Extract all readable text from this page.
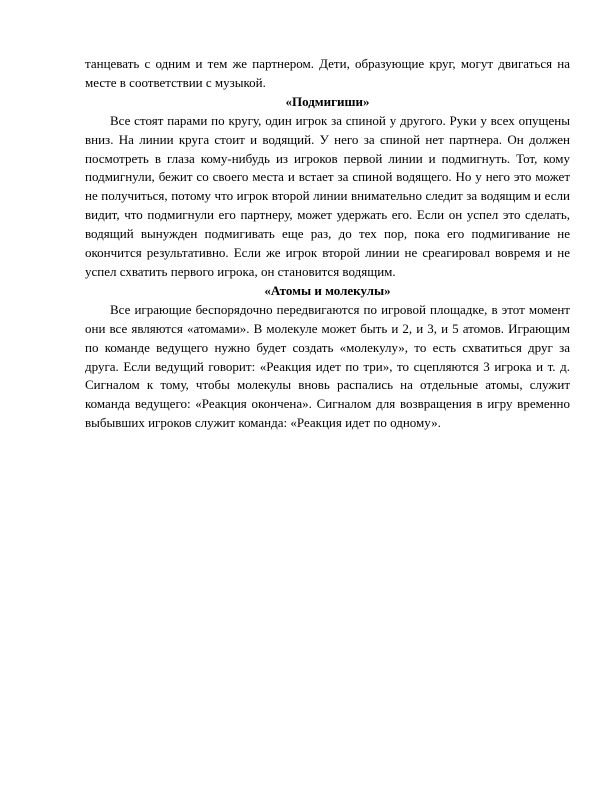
танцевать с одним и тем же партнером. Дети, образующие круг, могут двигаться на месте в соответствии с музыкой.

«Подмигиши»

Все стоят парами по кругу, один игрок за спиной у другого. Руки у всех опущены вниз. На линии круга стоит и водящий. У него за спиной нет партнера. Он должен посмотреть в глаза кому-нибудь из игроков первой линии и подмигнуть. Тот, кому подмигнули, бежит со своего места и встает за спиной водящего. Но у него это может не получиться, потому что игрок второй линии внимательно следит за водящим и если видит, что подмигнули его партнеру, может удержать его. Если он успел это сделать, водящий вынужден подмигивать еще раз, до тех пор, пока его подмигивание не окончится результативно. Если же игрок второй линии не среагировал вовремя и не успел схватить первого игрока, он становится водящим.

«Атомы и молекулы»

Все играющие беспорядочно передвигаются по игровой площадке, в этот момент они все являются «атомами». В молекуле может быть и 2, и 3, и 5 атомов. Играющим по команде ведущего нужно будет создать «молекулу», то есть схватиться друг за друга. Если ведущий говорит: «Реакция идет по три», то сцепляются 3 игрока и т. д. Сигналом к тому, чтобы молекулы вновь распались на отдельные атомы, служит команда ведущего: «Реакция окончена». Сигналом для возвращения в игру временно выбывших игроков служит команда: «Реакция идет по одному».
